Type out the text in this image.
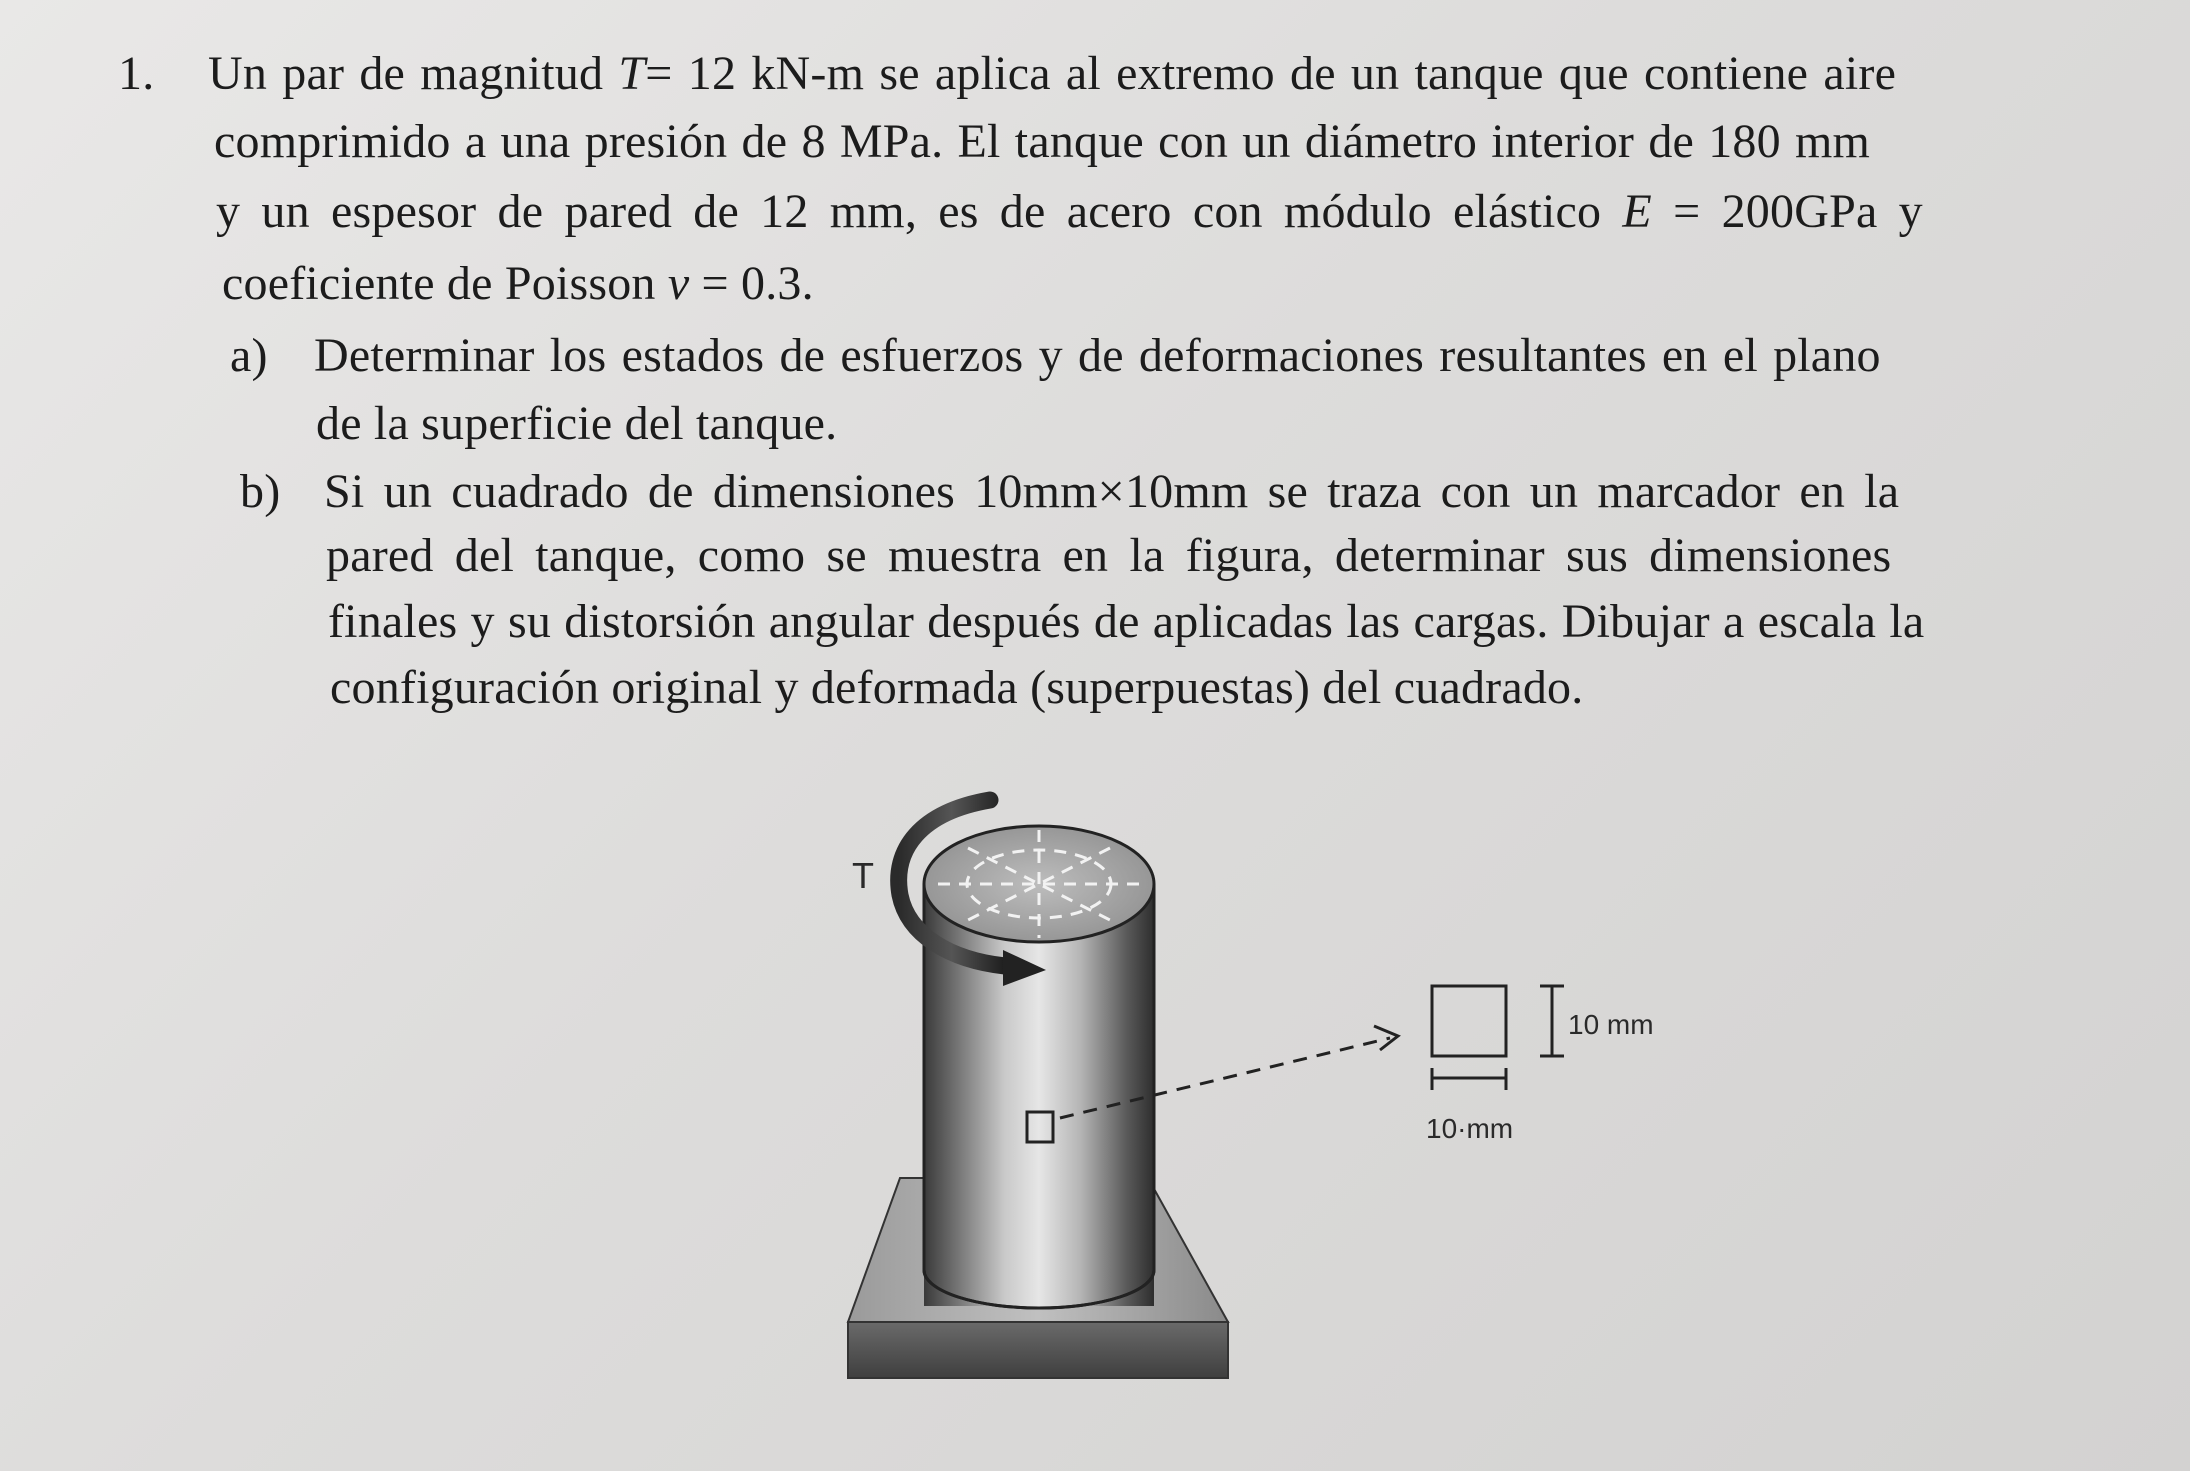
1. Un par de magnitud T= 12 kN-m se aplica al extremo de un tanque que contiene aire
comprimido a una presión de 8 MPa. El tanque con un diámetro interior de 180 mm
y un espesor de pared de 12 mm, es de acero con módulo elástico E = 200GPa y
coeficiente de Poisson ν = 0.3.
a) Determinar los estados de esfuerzos y de deformaciones resultantes en el plano
de la superficie del tanque.
b) Si un cuadrado de dimensiones 10mm×10mm se traza con un marcador en la
pared del tanque, como se muestra en la figura, determinar sus dimensiones
finales y su distorsión angular después de aplicadas las cargas. Dibujar a escala la
configuración original y deformada (superpuestas) del cuadrado.
T
10 mm
10·mm
